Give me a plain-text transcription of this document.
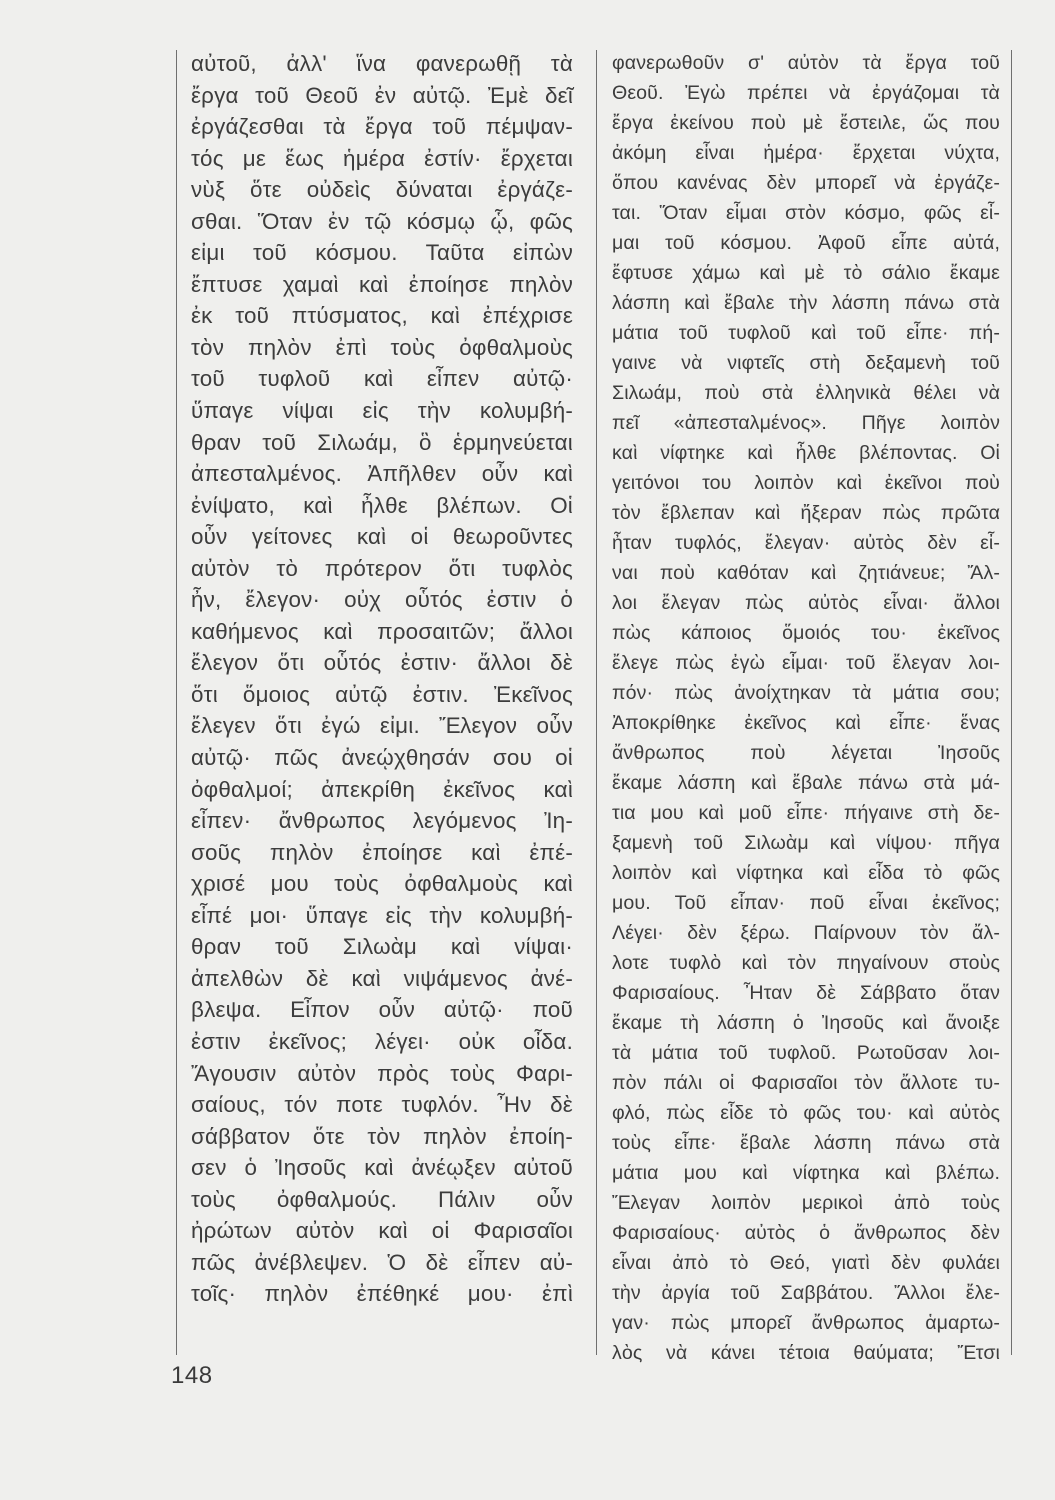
αὐτοῦ, ἀλλ' ἵνα φανερωθῇ τὰ
ἔργα τοῦ Θεοῦ ἐν αὐτῷ. Ἐμὲ δεῖ
ἐργάζεσθαι τὰ ἔργα τοῦ πέμψαν-
τός με ἕως ἡμέρα ἐστίν· ἔρχεται
νὺξ ὅτε οὐδεὶς δύναται ἐργάζε-
σθαι. Ὅταν ἐν τῷ κόσμῳ ᾧ, φῶς
εἰμι τοῦ κόσμου. Ταῦτα εἰπὼν
ἔπτυσε χαμαὶ καὶ ἐποίησε πηλὸν
ἐκ τοῦ πτύσματος, καὶ ἐπέχρισε
τὸν πηλὸν ἐπὶ τοὺς ὀφθαλμοὺς
τοῦ τυφλοῦ καὶ εἶπεν αὐτῷ·
ὕπαγε νίψαι εἰς τὴν κολυμβή-
θραν τοῦ Σιλωάμ, ὃ ἑρμηνεύεται
ἀπεσταλμένος. Ἀπῆλθεν οὖν καὶ
ἐνίψατο, καὶ ἦλθε βλέπων. Οἱ
οὖν γείτονες καὶ οἱ θεωροῦντες
αὐτὸν τὸ πρότερον ὅτι τυφλὸς
ἦν, ἔλεγον· οὐχ οὗτός ἐστιν ὁ
καθήμενος καὶ προσαιτῶν; ἄλλοι
ἔλεγον ὅτι οὗτός ἐστιν· ἄλλοι δὲ
ὅτι ὅμοιος αὐτῷ ἐστιν. Ἐκεῖνος
ἔλεγεν ὅτι ἐγώ εἰμι. Ἔλεγον οὖν
αὐτῷ· πῶς ἀνεῴχθησάν σου οἱ
ὀφθαλμοί; ἀπεκρίθη ἐκεῖνος καὶ
εἶπεν· ἄνθρωπος λεγόμενος Ἰη-
σοῦς πηλὸν ἐποίησε καὶ ἐπέ-
χρισέ μου τοὺς ὀφθαλμοὺς καὶ
εἶπέ μοι· ὕπαγε εἰς τὴν κολυμβή-
θραν τοῦ Σιλωὰμ καὶ νίψαι·
ἀπελθὼν δὲ καὶ νιψάμενος ἀνέ-
βλεψα. Εἶπον οὖν αὐτῷ· ποῦ
ἐστιν ἐκεῖνος; λέγει· οὐκ οἶδα.
Ἄγουσιν αὐτὸν πρὸς τοὺς Φαρι-
σαίους, τόν ποτε τυφλόν. Ἦν δὲ
σάββατον ὅτε τὸν πηλὸν ἐποίη-
σεν ὁ Ἰησοῦς καὶ ἀνέῳξεν αὐτοῦ
τοὺς ὀφθαλμούς. Πάλιν οὖν
ἠρώτων αὐτὸν καὶ οἱ Φαρισαῖοι
πῶς ἀνέβλεψεν. Ὁ δὲ εἶπεν αὐ-
τοῖς· πηλὸν ἐπέθηκέ μου· ἐπὶ
φανερωθοῦν σ' αὐτὸν τὰ ἔργα τοῦ
Θεοῦ. Ἐγὼ πρέπει νὰ ἐργάζομαι τὰ
ἔργα ἐκείνου ποὺ μὲ ἔστειλε, ὥς που
ἀκόμη εἶναι ἡμέρα· ἔρχεται νύχτα,
ὅπου κανένας δὲν μπορεῖ νὰ ἐργάζε-
ται. Ὅταν εἶμαι στὸν κόσμο, φῶς εἶ-
μαι τοῦ κόσμου. Ἀφοῦ εἶπε αὐτά,
ἔφτυσε χάμω καὶ μὲ τὸ σάλιο ἔκαμε
λάσπη καὶ ἔβαλε τὴν λάσπη πάνω στὰ
μάτια τοῦ τυφλοῦ καὶ τοῦ εἶπε· πή-
γαινε νὰ νιφτεῖς στὴ δεξαμενὴ τοῦ
Σιλωάμ, ποὺ στὰ ἑλληνικὰ θέλει νὰ
πεῖ «ἀπεσταλμένος». Πῆγε λοιπὸν
καὶ νίφτηκε καὶ ἦλθε βλέποντας. Οἱ
γειτόνοι του λοιπὸν καὶ ἐκεῖνοι ποὺ
τὸν ἔβλεπαν καὶ ἤξεραν πὼς πρῶτα
ἦταν τυφλός, ἔλεγαν· αὐτὸς δὲν εἶ-
ναι ποὺ καθόταν καὶ ζητιάνευε; Ἄλ-
λοι ἔλεγαν πὼς αὐτὸς εἶναι· ἄλλοι
πὼς κάποιος ὅμοιός του· ἐκεῖνος
ἔλεγε πὼς ἐγὼ εἶμαι· τοῦ ἔλεγαν λοι-
πόν· πὼς ἀνοίχτηκαν τὰ μάτια σου;
Ἀποκρίθηκε ἐκεῖνος καὶ εἶπε· ἕνας
ἄνθρωπος ποὺ λέγεται Ἰησοῦς
ἔκαμε λάσπη καὶ ἔβαλε πάνω στὰ μά-
τια μου καὶ μοῦ εἶπε· πήγαινε στὴ δε-
ξαμενὴ τοῦ Σιλωὰμ καὶ νίψου· πῆγα
λοιπὸν καὶ νίφτηκα καὶ εἶδα τὸ φῶς
μου. Τοῦ εἶπαν· ποῦ εἶναι ἐκεῖνος;
Λέγει· δὲν ξέρω. Παίρνουν τὸν ἄλ-
λοτε τυφλὸ καὶ τὸν πηγαίνουν στοὺς
Φαρισαίους. Ἦταν δὲ Σάββατο ὅταν
ἔκαμε τὴ λάσπη ὁ Ἰησοῦς καὶ ἄνοιξε
τὰ μάτια τοῦ τυφλοῦ. Ρωτοῦσαν λοι-
πὸν πάλι οἱ Φαρισαῖοι τὸν ἄλλοτε τυ-
φλό, πὼς εἶδε τὸ φῶς του· καὶ αὐτὸς
τοὺς εἶπε· ἔβαλε λάσπη πάνω στὰ
μάτια μου καὶ νίφτηκα καὶ βλέπω.
Ἔλεγαν λοιπὸν μερικοὶ ἀπὸ τοὺς
Φαρισαίους· αὐτὸς ὁ ἄνθρωπος δὲν
εἶναι ἀπὸ τὸ Θεό, γιατὶ δὲν φυλάει
τὴν ἀργία τοῦ Σαββάτου. Ἄλλοι ἔλε-
γαν· πὼς μπορεῖ ἄνθρωπος ἁμαρτω-
λὸς νὰ κάνει τέτοια θαύματα; Ἔτσι
148
